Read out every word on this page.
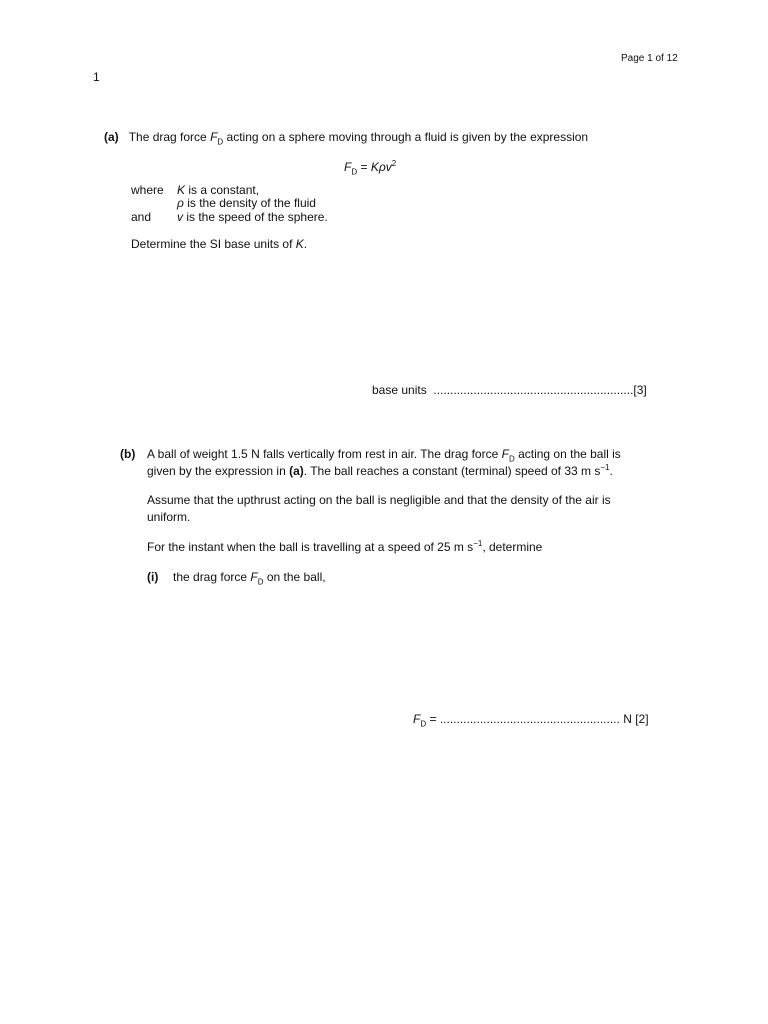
Page 1 of 12
1
(a) The drag force $F_D$ acting on a sphere moving through a fluid is given by the expression
$F_D = K\rho v^2$
where K is a constant,
ρ is the density of the fluid
and v is the speed of the sphere.
Determine the SI base units of K.
base units ............................................................[3]
(b) A ball of weight 1.5 N falls vertically from rest in air. The drag force $F_D$ acting on the ball is
given by the expression in (a). The ball reaches a constant (terminal) speed of 33 m $s^{-1}$.
Assume that the upthrust acting on the ball is negligible and that the density of the air is
uniform.
For the instant when the ball is travelling at a speed of 25 m $s^{-1}$, determine
(i) the drag force $F_D$ on the ball,
$F_D$ = ...................................................... N [2]
